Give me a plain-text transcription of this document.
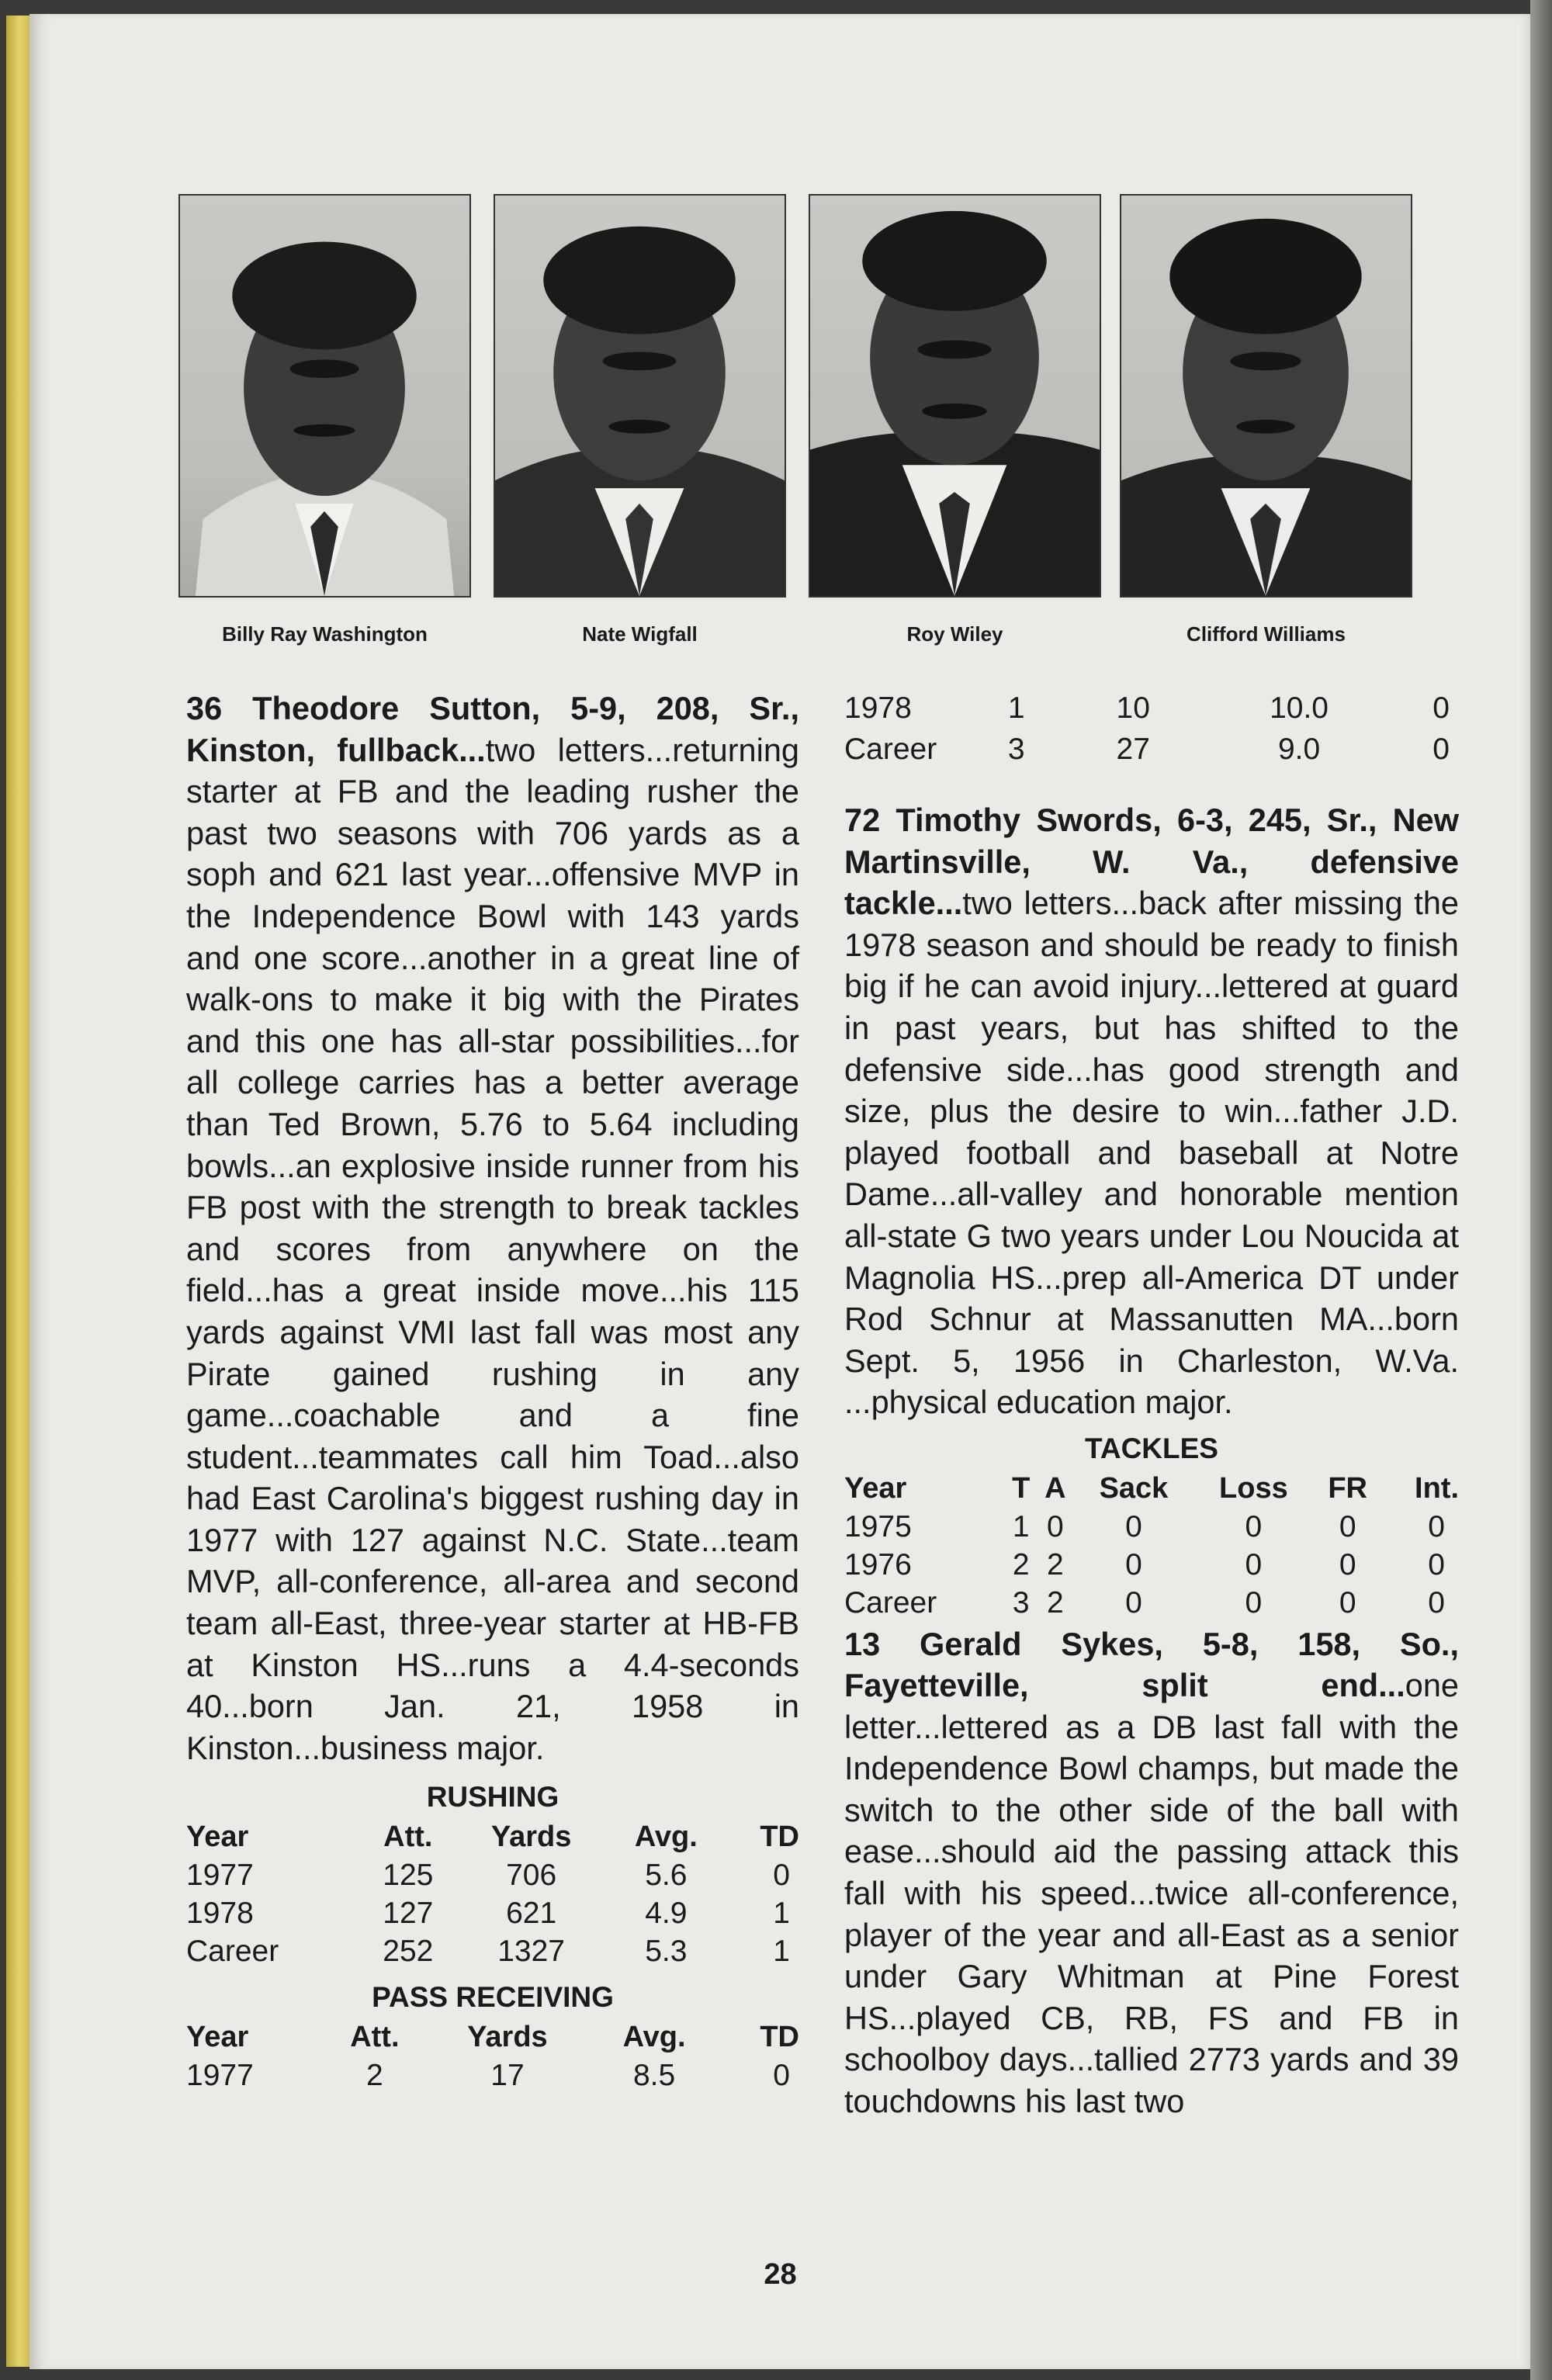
Billy Ray Washington	Nate Wigfall	Roy Wiley	Clifford Williams

36 Theodore Sutton, 5-9, 208, Sr., Kinston, fullback...two letters...returning starter at FB and the leading rusher the past two seasons with 706 yards as a soph and 621 last year...offensive MVP in the Independence Bowl with 143 yards and one score...another in a great line of walk-ons to make it big with the Pirates and this one has all-star possibilities...for all college carries has a better average than Ted Brown, 5.76 to 5.64 including bowls...an explosive inside runner from his FB post with the strength to break tackles and scores from anywhere on the field...has a great inside move...his 115 yards against VMI last fall was most any Pirate gained rushing in any game...coachable and a fine student...teammates call him Toad...also had East Carolina's biggest rushing day in 1977 with 127 against N.C. State...team MVP, all-conference, all-area and second team all-East, three-year starter at HB-FB at Kinston HS...runs a 4.4-seconds 40...born Jan. 21, 1958 in Kinston...business major.

RUSHING
Year	Att.	Yards	Avg.	TD
1977	125	706	5.6	0
1978	127	621	4.9	1
Career	252	1327	5.3	1
PASS RECEIVING
Year	Att.	Yards	Avg.	TD
1977	2	17	8.5	0
1978	1	10	10.0	0
Career	3	27	9.0	0

72 Timothy Swords, 6-3, 245, Sr., New Martinsville, W. Va., defensive tackle...two letters...back after missing the 1978 season and should be ready to finish big if he can avoid injury...lettered at guard in past years, but has shifted to the defensive side...has good strength and size, plus the desire to win...father J.D. played football and baseball at Notre Dame...all-valley and honorable mention all-state G two years under Lou Noucida at Magnolia HS...prep all-America DT under Rod Schnur at Massanutten MA...born Sept. 5, 1956 in Charleston, W.Va. ...physical education major.

TACKLES
Year	T	A	Sack	Loss	FR	Int.
1975	1	0	0	0	0	0
1976	2	2	0	0	0	0
Career	3	2	0	0	0	0

13 Gerald Sykes, 5-8, 158, So., Fayetteville, split end...one letter...lettered as a DB last fall with the Independence Bowl champs, but made the switch to the other side of the ball with ease...should aid the passing attack this fall with his speed...twice all-conference, player of the year and all-East as a senior under Gary Whitman at Pine Forest HS...played CB, RB, FS and FB in schoolboy days...tallied 2773 yards and 39 touchdowns his last two

28
